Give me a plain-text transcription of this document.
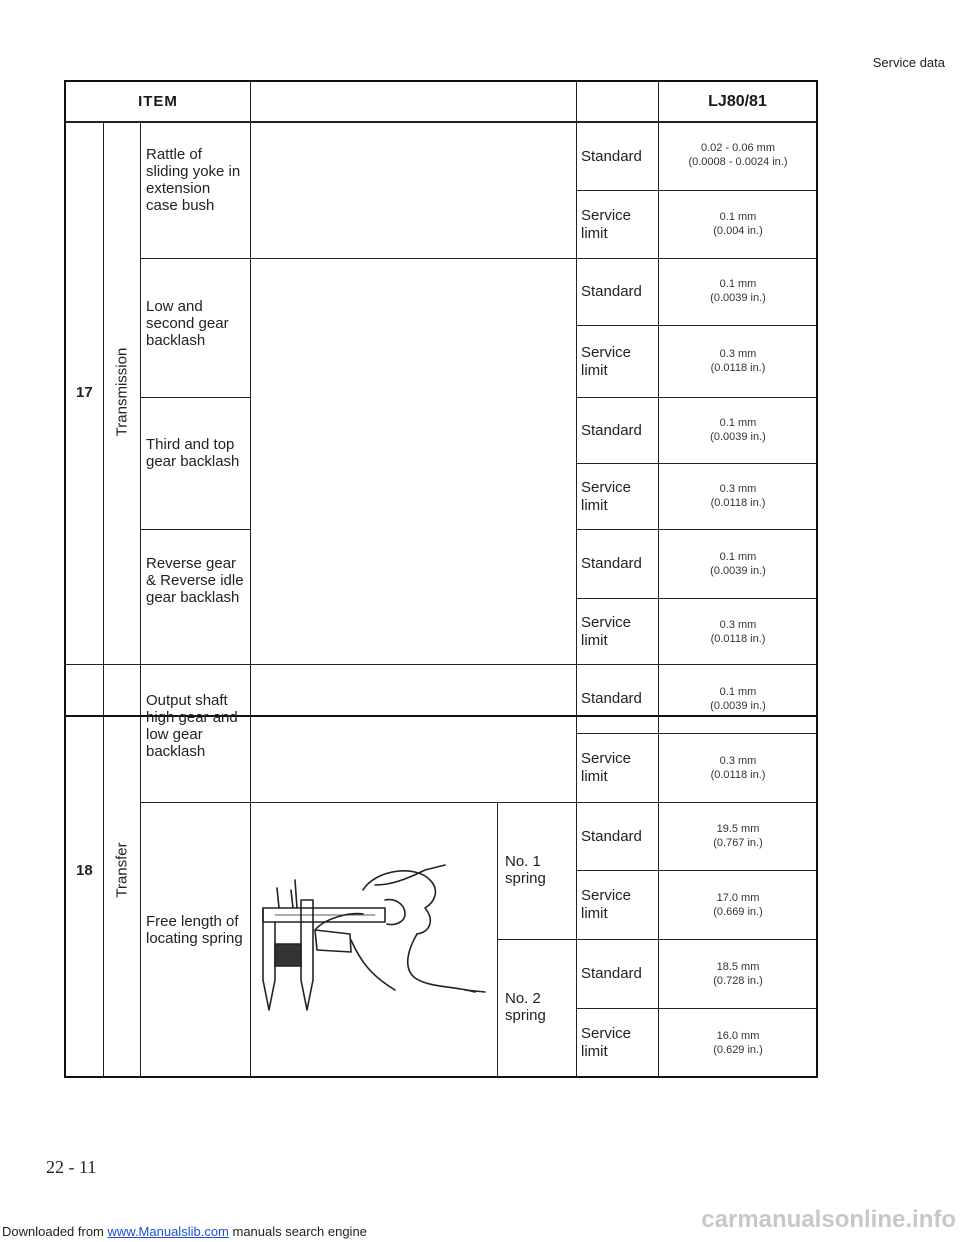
Service data
ITEM	LJ80/81
17 Transmission
18 Transfer
Rattle of sliding yoke in extension case bush
Low and second gear backlash
Third and top gear backlash
Reverse gear & Reverse idle gear backlash
Output shaft high gear and low gear backlash
Free length of locating spring
No. 1 spring
No. 2 spring
Standard
Service limit
Standard
Service limit
Standard
Service limit
Standard
Service limit
Standard
Service limit
Standard
Service limit
Standard
Service limit
0.02 - 0.06 mm
(0.0008 - 0.0024 in.)
0.1 mm
(0.004 in.)
0.1 mm
(0.0039 in.)
0.3 mm
(0.0118 in.)
0.1 mm
(0.0039 in.)
0.3 mm
(0.0118 in.)
0.1 mm
(0.0039 in.)
0.3 mm
(0.0118 in.)
0.1 mm
(0.0039 in.)
0.3 mm
(0.0118 in.)
19.5 mm
(0.767 in.)
17.0 mm
(0.669 in.)
18.5 mm
(0.728 in.)
16.0 mm
(0.629 in.)
22 - 11
Downloaded from www.Manualslib.com manuals search engine	carmanualsonline.info
